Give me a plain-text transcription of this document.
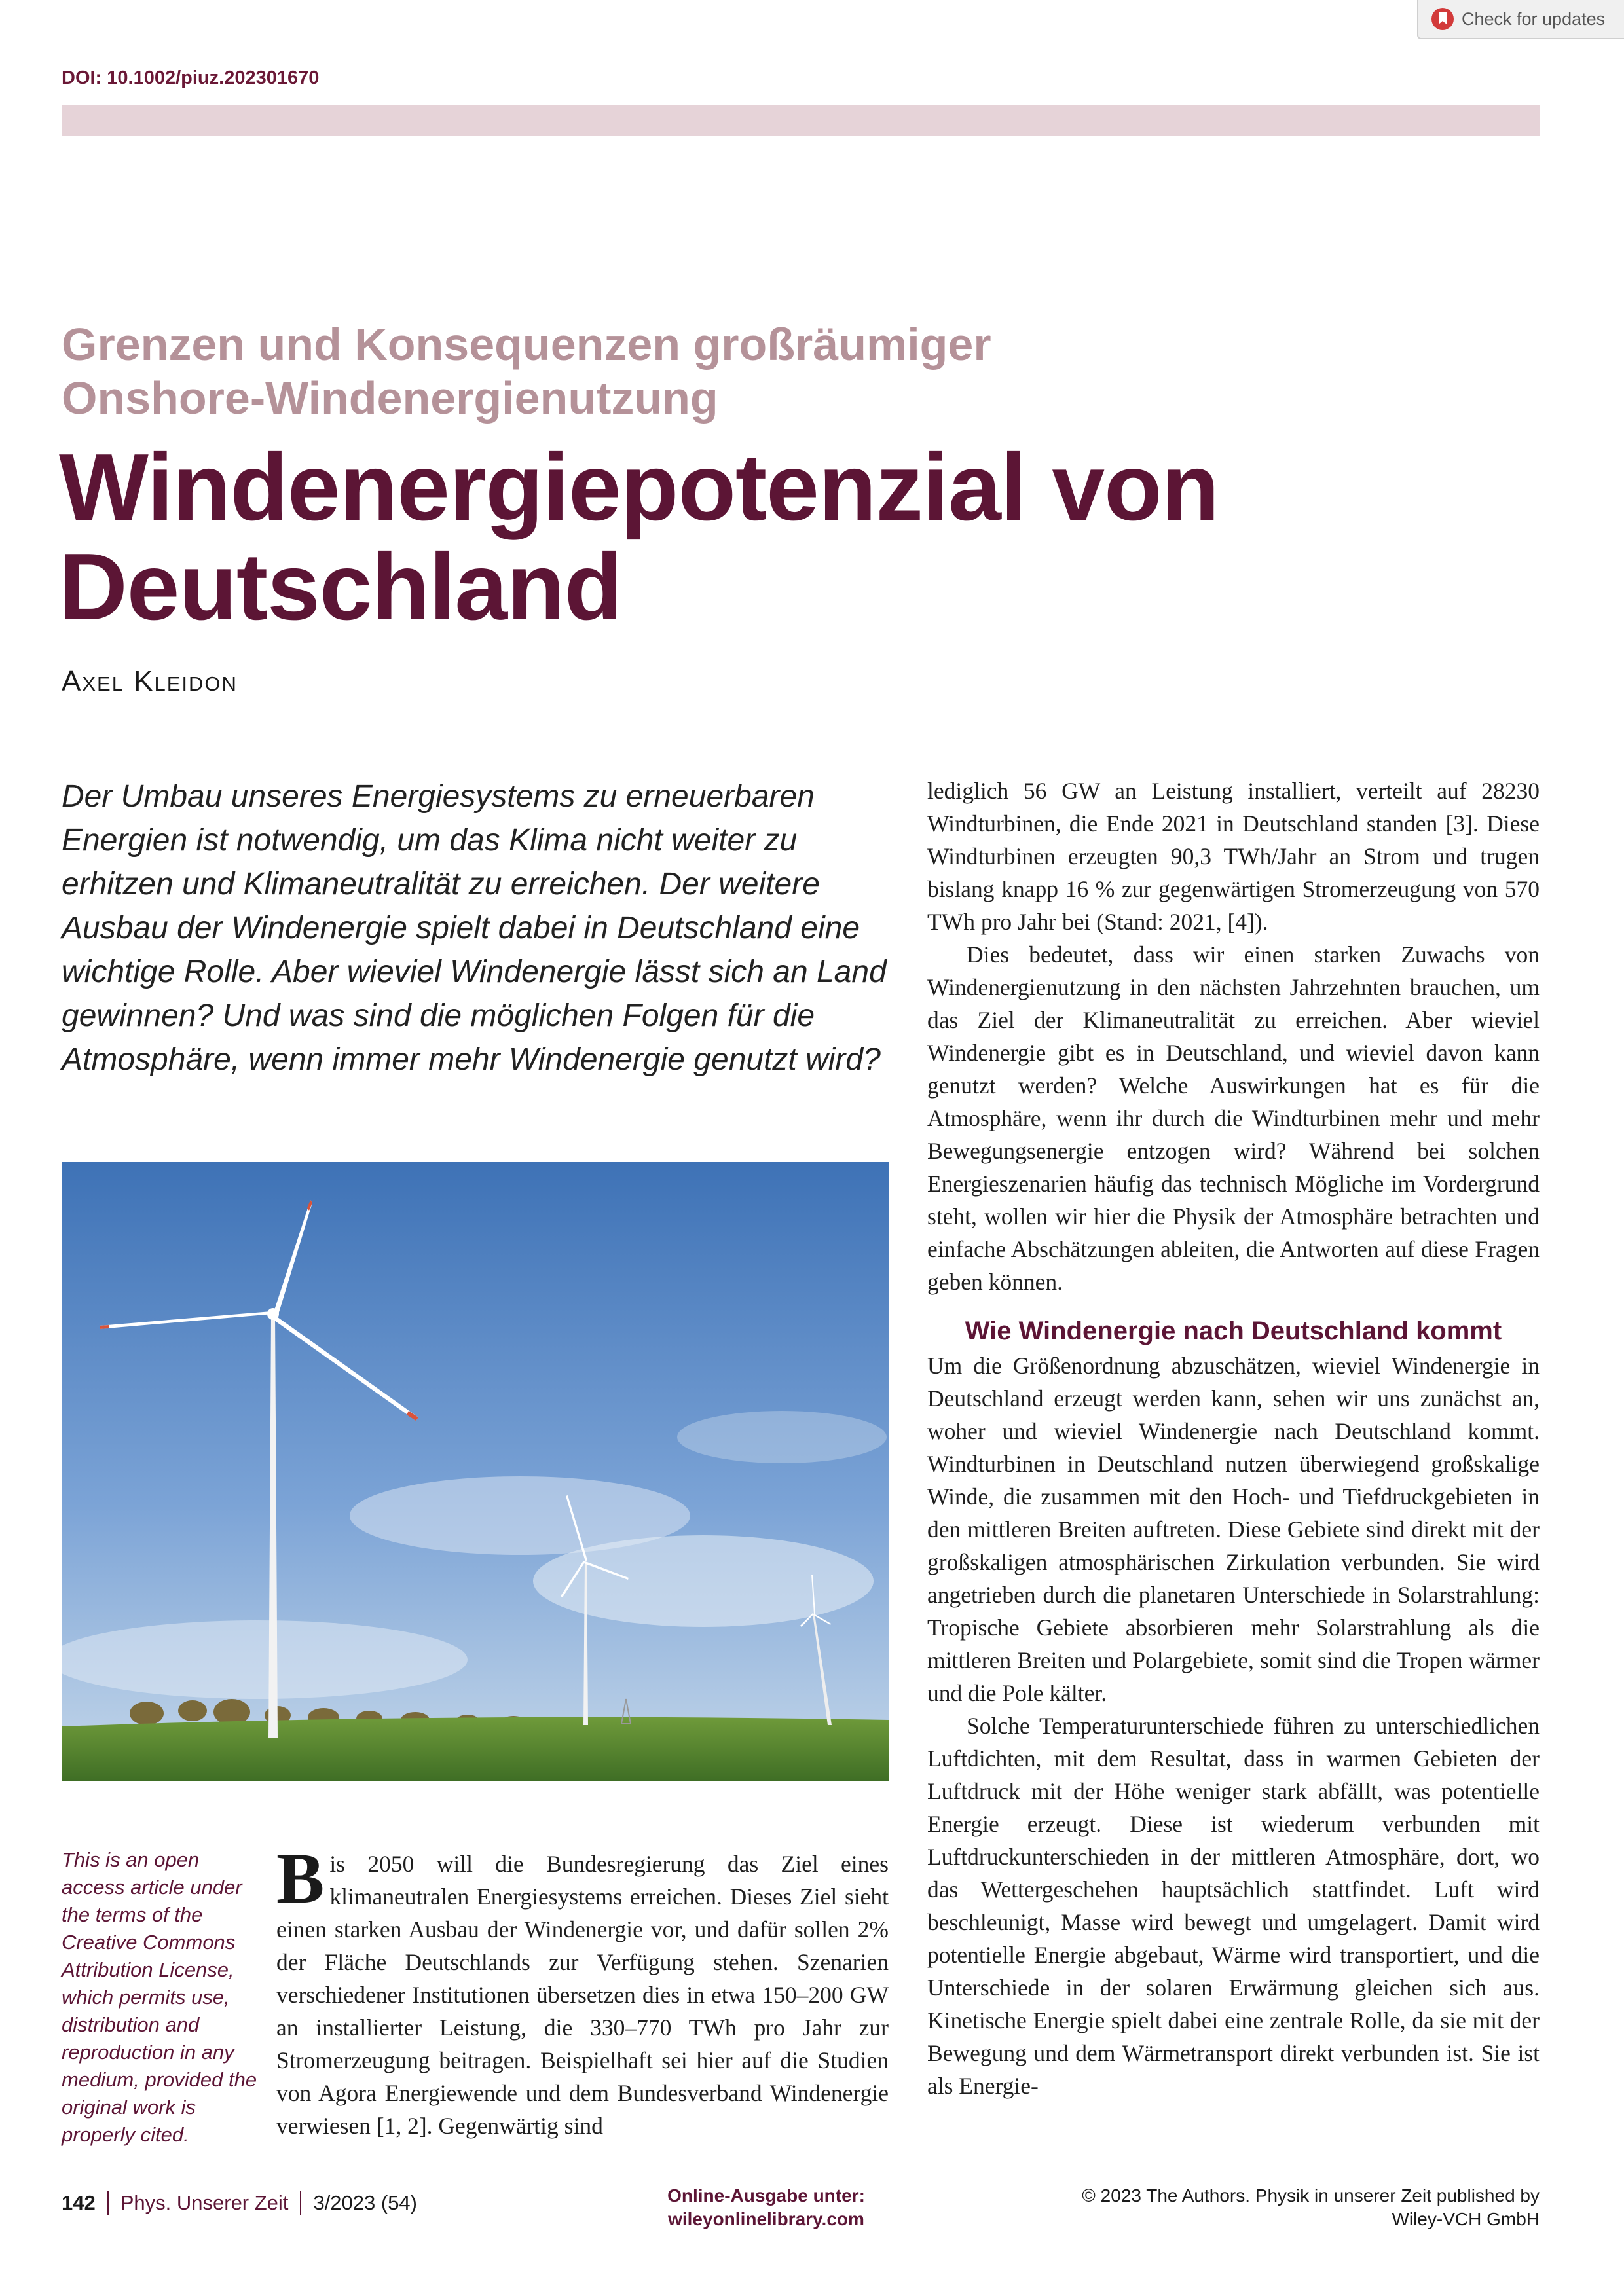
DOI: 10.1002/piuz.202301670
Check for updates
Grenzen und Konsequenzen großräumiger
Onshore-Windenergienutzung
Windenergiepotenzial von
Deutschland
Axel Kleidon
Der Umbau unseres Energiesystems zu erneuerbaren Energien ist notwendig, um das Klima nicht weiter zu erhitzen und Klimaneutralität zu erreichen. Der weitere Ausbau der Windenergie spielt dabei in Deutschland eine wichtige Rolle. Aber wieviel Windenergie lässt sich an Land gewinnen? Und was sind die möglichen Folgen für die Atmosphäre, wenn immer mehr Windenergie genutzt wird?
This is an open access article under the terms of the Creative Commons Attribution License, which permits use, distribution and reproduction in any medium, provided the original work is properly cited.

Bis 2050 will die Bundesregierung das Ziel eines klimaneutralen Energiesystems erreichen. Dieses Ziel sieht einen starken Ausbau der Windenergie vor, und dafür sollen 2% der Fläche Deutschlands zur Verfügung stehen. Szenarien verschiedener Institutionen übersetzen dies in etwa 150–200 GW an installierter Leistung, die 330–770 TWh pro Jahr zur Stromerzeugung beitragen. Beispielhaft sei hier auf die Studien von Agora Energiewende und dem Bundesverband Windenergie verwiesen [1, 2]. Gegenwärtig sind

lediglich 56 GW an Leistung installiert, verteilt auf 28230 Windturbinen, die Ende 2021 in Deutschland standen [3]. Diese Windturbinen erzeugten 90,3 TWh/Jahr an Strom und trugen bislang knapp 16 % zur gegenwärtigen Stromerzeugung von 570 TWh pro Jahr bei (Stand: 2021, [4]).

Dies bedeutet, dass wir einen starken Zuwachs von Windenergienutzung in den nächsten Jahrzehnten brauchen, um das Ziel der Klimaneutralität zu erreichen. Aber wieviel Windenergie gibt es in Deutschland, und wieviel davon kann genutzt werden? Welche Auswirkungen hat es für die Atmosphäre, wenn ihr durch die Windturbinen mehr und mehr Bewegungsenergie entzogen wird? Während bei solchen Energieszenarien häufig das technisch Mögliche im Vordergrund steht, wollen wir hier die Physik der Atmosphäre betrachten und einfache Abschätzungen ableiten, die Antworten auf diese Fragen geben können.

Wie Windenergie nach Deutschland kommt

Um die Größenordnung abzuschätzen, wieviel Windenergie in Deutschland erzeugt werden kann, sehen wir uns zunächst an, woher und wieviel Windenergie nach Deutschland kommt. Windturbinen in Deutschland nutzen überwiegend großskalige Winde, die zusammen mit den Hoch- und Tiefdruckgebieten in den mittleren Breiten auftreten. Diese Gebiete sind direkt mit der großskaligen atmosphärischen Zirkulation verbunden. Sie wird angetrieben durch die planetaren Unterschiede in Solarstrahlung: Tropische Gebiete absorbieren mehr Solarstrahlung als die mittleren Breiten und Polargebiete, somit sind die Tropen wärmer und die Pole kälter.

Solche Temperaturunterschiede führen zu unterschiedlichen Luftdichten, mit dem Resultat, dass in warmen Gebieten der Luftdruck mit der Höhe weniger stark abfällt, was potentielle Energie erzeugt. Diese ist wiederum verbunden mit Luftdruckunterschieden in der mittleren Atmosphäre, dort, wo das Wettergeschehen hauptsächlich stattfindet. Luft wird beschleunigt, Masse wird bewegt und umgelagert. Damit wird potentielle Energie abgebaut, Wärme wird transportiert, und die Unterschiede in der solaren Erwärmung gleichen sich aus. Kinetische Energie spielt dabei eine zentrale Rolle, da sie mit der Bewegung und dem Wärmetransport direkt verbunden ist. Sie ist als Energie-

142	Phys. Unserer Zeit	3/2023 (54)	Online-Ausgabe unter:
wileyonlinelibrary.com
© 2023 The Authors. Physik in unserer Zeit published by
Wiley-VCH GmbH
